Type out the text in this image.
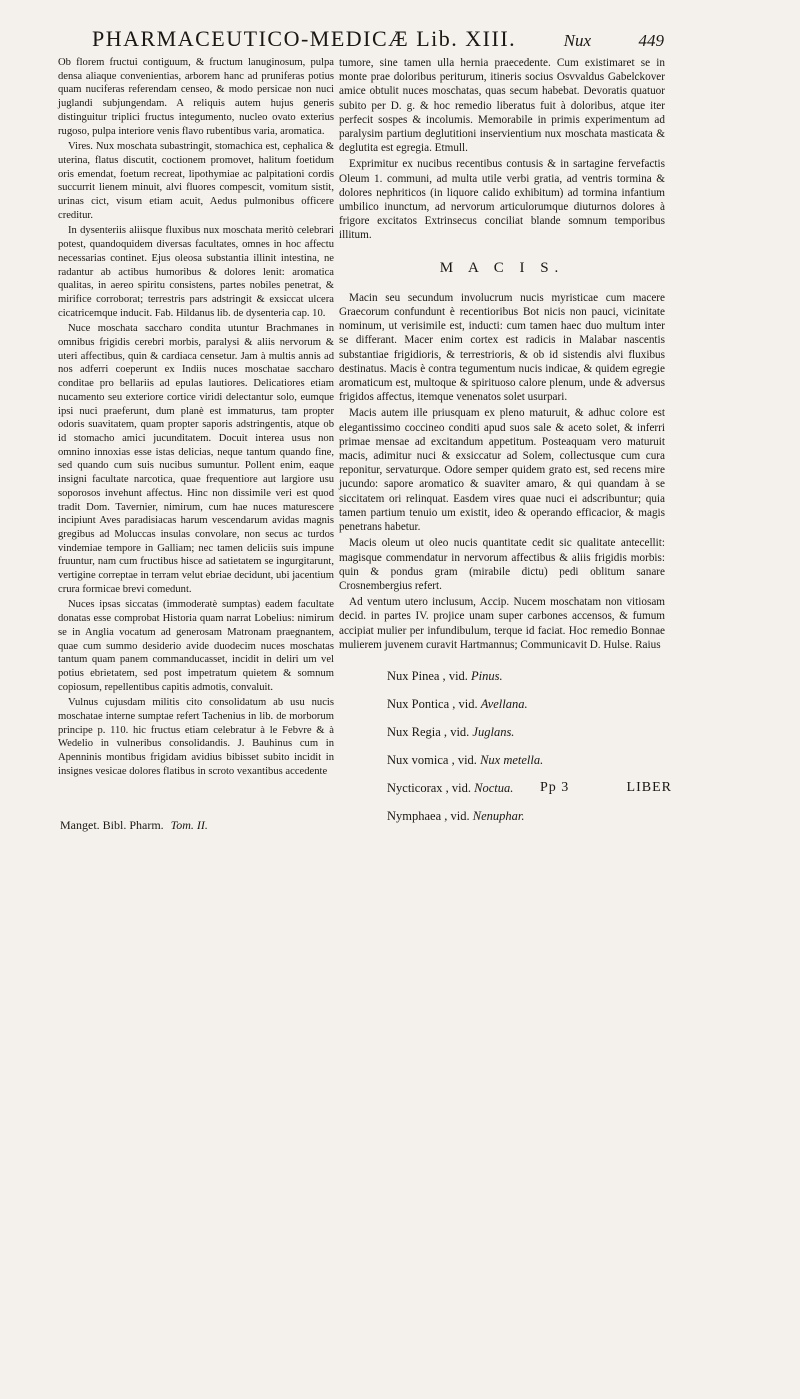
PHARMACEUTICO-MEDICÆ Lib. XIII.	Nux	449

Ob florem fructui contiguum, & fructum lanuginosum, pulpa densa aliaque convenientias, arborem hanc ad pruniferas potius quam nuciferas referendam censeo, & modo persicae non nuci juglandi subjungendam. A reliquis autem hujus generis distinguitur triplici fructus integumento, nucleo ovato exterius rugoso, pulpa interiore venis flavo rubentibus varia, aromatica.

Vires. Nux moschata subastringit, stomachica est, cephalica & uterina, flatus discutit, coctionem promovet, halitum foetidum oris emendat, foetum recreat, lipothymiae ac palpitationi cordis succurrit lienem minuit, alvi fluores compescit, vomitum sistit, urinas cict, visum etiam acuit, Aedus pulmonibus officere creditur.

In dysenteriis aliisque fluxibus nux moschata meritò celebrari potest, quandoquidem diversas facultates, omnes in hoc affectu necessarias continet. Ejus oleosa substantia illinit intestina, ne radantur ab actibus humoribus & dolores lenit: aromatica qualitas, in aereo spiritu consistens, partes nobiles penetrat, & mirifice corroborat; terrestris pars adstringit & exsiccat ulcera cicatricemque inducit. Fab. Hildanus lib. de dysenteria cap. 10.

Nuce moschata saccharo condita utuntur Brachmanes in omnibus frigidis cerebri morbis, paralysi & aliis nervorum & uteri affectibus, quin & cardiaca censetur. Jam à multis annis ad nos adferri coeperunt ex Indiis nuces moschatae saccharo conditae pro bellariis ad epulas lautiores. Delicatiores etiam nucamento seu exteriore cortice viridi delectantur solo, eumque ipsi nuci praeferunt, dum planè est immaturus, tam propter odoris suavitatem, quam propter saporis adstringentis, atque ob id stomacho amici jucunditatem. Docuit interea usus non omnino innoxias esse istas delicias, neque tantum quando fine, sed quando cum suis nucibus sumuntur. Pollent enim, eaque insigni facultate narcotica, quae frequentiore aut largiore usu soporosos invehunt affectus. Hinc non dissimile veri est quod tradit Dom. Tavernier, nimirum, cum hae nuces maturescere incipiunt Aves paradisiacas harum vescendarum avidas magnis gregibus ad Moluccas insulas convolare, non secus ac turdos vindemiae tempore in Galliam; nec tamen deliciis suis impune fruuntur, nam cum fructibus hisce ad satietatem se ingurgitarunt, vertigine correptae in terram velut ebriae decidunt, ubi jacentium crura formicae brevi comedunt.

Nuces ipsas siccatas (immoderatè sumptas) eadem facultate donatas esse comprobat Historia quam narrat Lobelius: nimirum se in Anglia vocatum ad generosam Matronam praegnantem, quae cum summo desiderio avide duodecim nuces moschatas tantum quam panem commanducasset, incidit in deliri um vel potius ebrietatem, sed post impetratum quietem & somnum copiosum, repellentibus capitis admotis, convaluit.

Vulnus cujusdam militis cito consolidatum ab usu nucis moschatae interne sumptae refert Tachenius in lib. de morborum principe p. 110. hic fructus etiam celebratur à le Febvre & à Wedelio in vulneribus consolidandis. J. Bauhinus cum in Apenninis montibus frigidam avidius bibisset subito incidit in insignes vesicae dolores flatibus in scroto vexantibus accedente

tumore, sine tamen ulla hernia praecedente. Cum existimaret se in monte prae doloribus periturum, itineris socius Osvvaldus Gabelckover amice obtulit nuces moschatas, quas secum habebat. Devoratis quatuor subito per D. g. & hoc remedio liberatus fuit à doloribus, atque iter perfecit sospes & incolumis. Memorabile in primis experimentum ad paralysim partium deglutitioni inservientium nux moschata masticata & deglutita est egregia. Etmull.

Exprimitur ex nucibus recentibus contusis & in sartagine fervefactis Oleum 1. communi, ad multa utile verbi gratia, ad ventris tormina & dolores nephriticos (in liquore calido exhibitum) ad tormina infantium umbilico inunctum, ad nervorum articulorumque diuturnos dolores à frigore excitatos Extrinsecus conciliat blande somnum temporibus illitum.

M A C I S.

Macin seu secundum involucrum nucis myristicae cum macere Graecorum confundunt è recentioribus Bot nicis non pauci, vicinitate nominum, ut verisimile est, inducti: cum tamen haec duo multum inter se differant. Macer enim cortex est radicis in Malabar nascentis substantiae frigidioris, & terrestrioris, & ob id sistendis alvi fluxibus destinatus. Macis è contra tegumentum nucis indicae, & quidem egregie aromaticum est, multoque & spirituoso calore plenum, unde & adversus frigidos affectus, itemque venenatos solet usurpari.

Macis autem ille priusquam ex pleno maturuit, & adhuc colore est elegantissimo coccineo conditi apud suos sale & aceto solet, & inferri primae mensae ad excitandum appetitum. Posteaquam vero maturuit macis, adimitur nuci & exsiccatur ad Solem, collectusque cum cura reponitur, servaturque. Odore semper quidem grato est, sed recens mire jucundo: sapore aromatico & suaviter amaro, & qui quandam à se siccitatem ori relinquat. Easdem vires quae nuci ei adscribuntur; quia tamen partium tenuio um existit, ideo & operando efficacior, & magis penetrans habetur.

Macis oleum ut oleo nucis quantitate cedit sic qualitate antecellit: magisque commendatur in nervorum affectibus & aliis frigidis morbis: quin & pondus gram (mirabile dictu) pedi oblitum sanare Crosnembergius refert.

Ad ventum utero inclusum, Accip. Nucem moschatam non vitiosam decid. in partes IV. projice unam super carbones accensos, & fumum accipiat mulier per infundibulum, terque id faciat. Hoc remedio Bonnae mulierem juvenem curavit Hartmannus; Communicavit D. Hulse. Raius

Nux Pinea , vid. Pinus.
Nux Pontica , vid. Avellana.
Nux Regia , vid. Juglans.
Nux vomica , vid. Nux metella.
Nycticorax , vid. Noctua.
Nymphaea , vid. Nenuphar.
Pp 3	LIBER
Manget. Bibl. Pharm. Tom. II.
